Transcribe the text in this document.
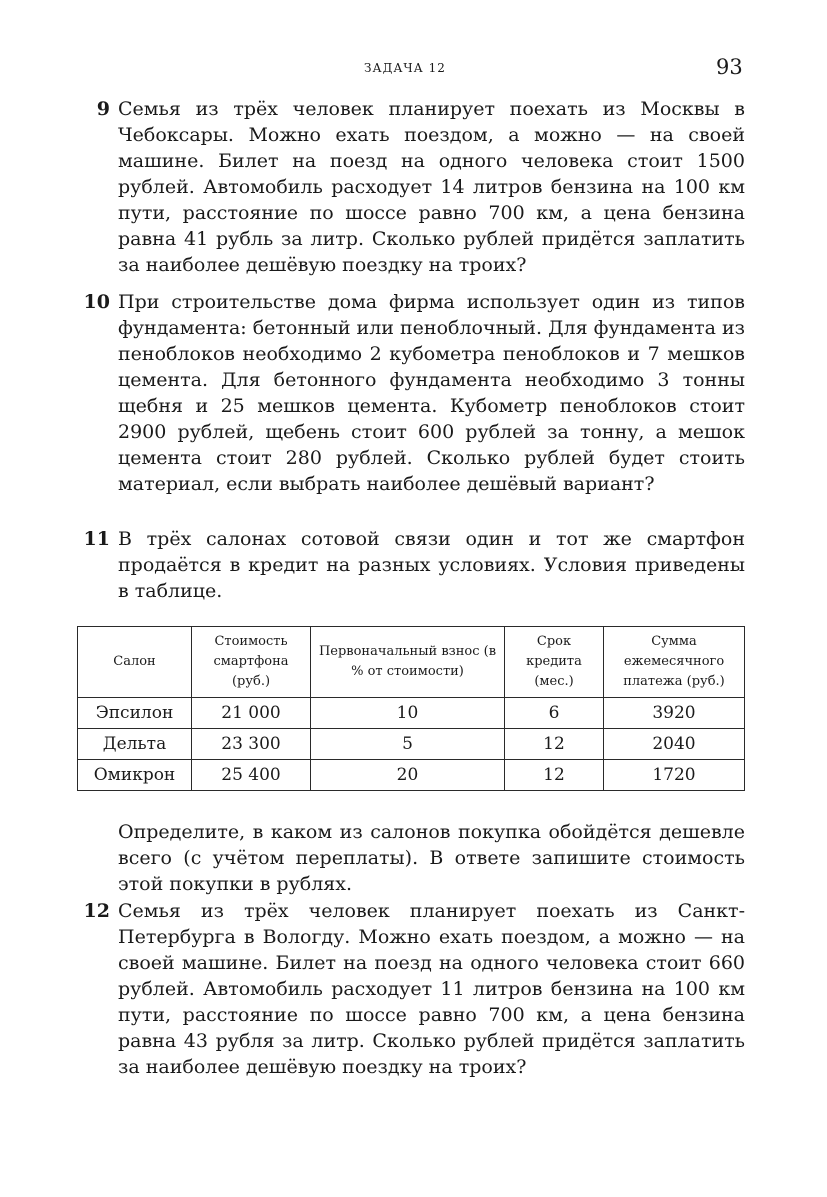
ЗАДАЧА 12	93
9 Семья из трёх человек планирует поехать из Москвы в Чебоксары. Можно ехать поездом, а можно — на своей машине. Билет на поезд на одного человека стоит 1500 рублей. Автомобиль расходует 14 литров бензина на 100 км пути, расстояние по шоссе равно 700 км, а цена бензина равна 41 рубль за литр. Сколько рублей придётся заплатить за наиболее дешёвую поездку на троих?

10 При строительстве дома фирма использует один из типов фундамента: бетонный или пеноблочный. Для фундамента из пеноблоков необходимо 2 кубометра пеноблоков и 7 мешков цемента. Для бетонного фундамента необходимо 3 тонны щебня и 25 мешков цемента. Кубометр пеноблоков стоит 2900 рублей, щебень стоит 600 рублей за тонну, а мешок цемента стоит 280 рублей. Сколько рублей будет стоить материал, если выбрать наиболее дешёвый вариант?

11 В трёх салонах сотовой связи один и тот же смартфон продаётся в кредит на разных условиях. Условия приведены в таблице.

Салон	Стоимость смартфона (руб.)	Первоначальный взнос (в % от стоимости)	Срок кредита (мес.)	Сумма ежемесячного платежа (руб.)
Эпсилон	21 000	10	6	3920
Дельта	23 300	5	12	2040
Омикрон	25 400	20	12	1720

Определите, в каком из салонов покупка обойдётся дешевле всего (с учётом переплаты). В ответе запишите стоимость этой покупки в рублях.

12 Семья из трёх человек планирует поехать из Санкт-Петербурга в Вологду. Можно ехать поездом, а можно — на своей машине. Билет на поезд на одного человека стоит 660 рублей. Автомобиль расходует 11 литров бензина на 100 км пути, расстояние по шоссе равно 700 км, а цена бензина равна 43 рубля за литр. Сколько рублей придётся заплатить за наиболее дешёвую поездку на троих?
